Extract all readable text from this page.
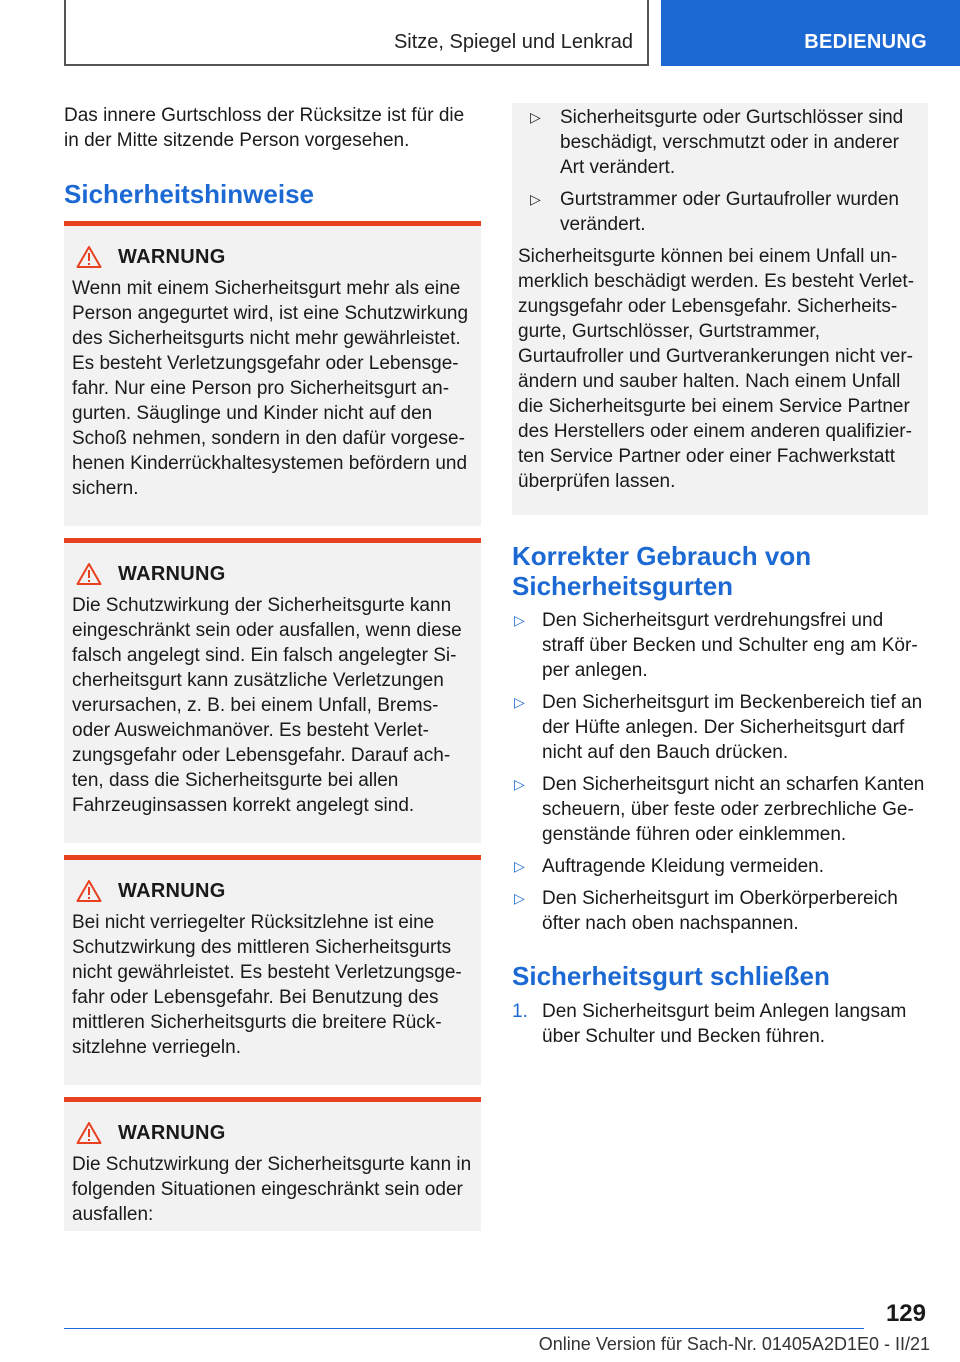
Sitze, Spiegel und Lenkrad	BEDIENUNG

Das innere Gurtschloss der Rücksitze ist für die in der Mitte sitzende Person vorgesehen.

Sicherheitshinweise
WARNUNG

Wenn mit einem Sicherheitsgurt mehr als eine Person angegurtet wird, ist eine Schutzwirkung des Sicherheitsgurts nicht mehr gewährleistet. Es besteht Verletzungsgefahr oder Lebensgefahr. Nur eine Person pro Sicherheitsgurt angurten. Säuglinge und Kinder nicht auf den Schoß nehmen, sondern in den dafür vorgesehenen Kinderrückhaltesystemen befördern und sichern.

WARNUNG

Die Schutzwirkung der Sicherheitsgurte kann eingeschränkt sein oder ausfallen, wenn diese falsch angelegt sind. Ein falsch angelegter Sicherheitsgurt kann zusätzliche Verletzungen verursachen, z. B. bei einem Unfall, Brems- oder Ausweichmanöver. Es besteht Verletzungsgefahr oder Lebensgefahr. Darauf achten, dass die Sicherheitsgurte bei allen Fahrzeuginsassen korrekt angelegt sind.

WARNUNG

Bei nicht verriegelter Rücksitzlehne ist eine Schutzwirkung des mittleren Sicherheitsgurts nicht gewährleistet. Es besteht Verletzungsgefahr oder Lebensgefahr. Bei Benutzung des mittleren Sicherheitsgurts die breitere Rücksitzlehne verriegeln.

WARNUNG

Die Schutzwirkung der Sicherheitsgurte kann in folgenden Situationen eingeschränkt sein oder ausfallen:

▷	Sicherheitsgurte oder Gurtschlösser sind beschädigt, verschmutzt oder in anderer Art verändert.
▷	Gurtstrammer oder Gurtaufroller wurden verändert.

Sicherheitsgurte können bei einem Unfall unmerklich beschädigt werden. Es besteht Verletzungsgefahr oder Lebensgefahr. Sicherheitsgurte, Gurtschlösser, Gurtstrammer, Gurtaufroller und Gurtverankerungen nicht verändern und sauber halten. Nach einem Unfall die Sicherheitsgurte bei einem Service Partner des Herstellers oder einem anderen qualifizierten Service Partner oder einer Fachwerkstatt überprüfen lassen.

Korrekter Gebrauch von
Sicherheitsgurten
▷ Den Sicherheitsgurt verdrehungsfrei und straff über Becken und Schulter eng am Körper anlegen.
▷ Den Sicherheitsgurt im Beckenbereich tief an der Hüfte anlegen. Der Sicherheitsgurt darf nicht auf den Bauch drücken.
▷ Den Sicherheitsgurt nicht an scharfen Kanten scheuern, über feste oder zerbrechliche Gegenstände führen oder einklemmen.
▷ Auftragende Kleidung vermeiden.
▷ Den Sicherheitsgurt im Oberkörperbereich öfter nach oben nachspannen.
Sicherheitsgurt schließen
1. Den Sicherheitsgurt beim Anlegen langsam über Schulter und Becken führen.
129
Online Version für Sach-Nr. 01405A2D1E0 - II/21
